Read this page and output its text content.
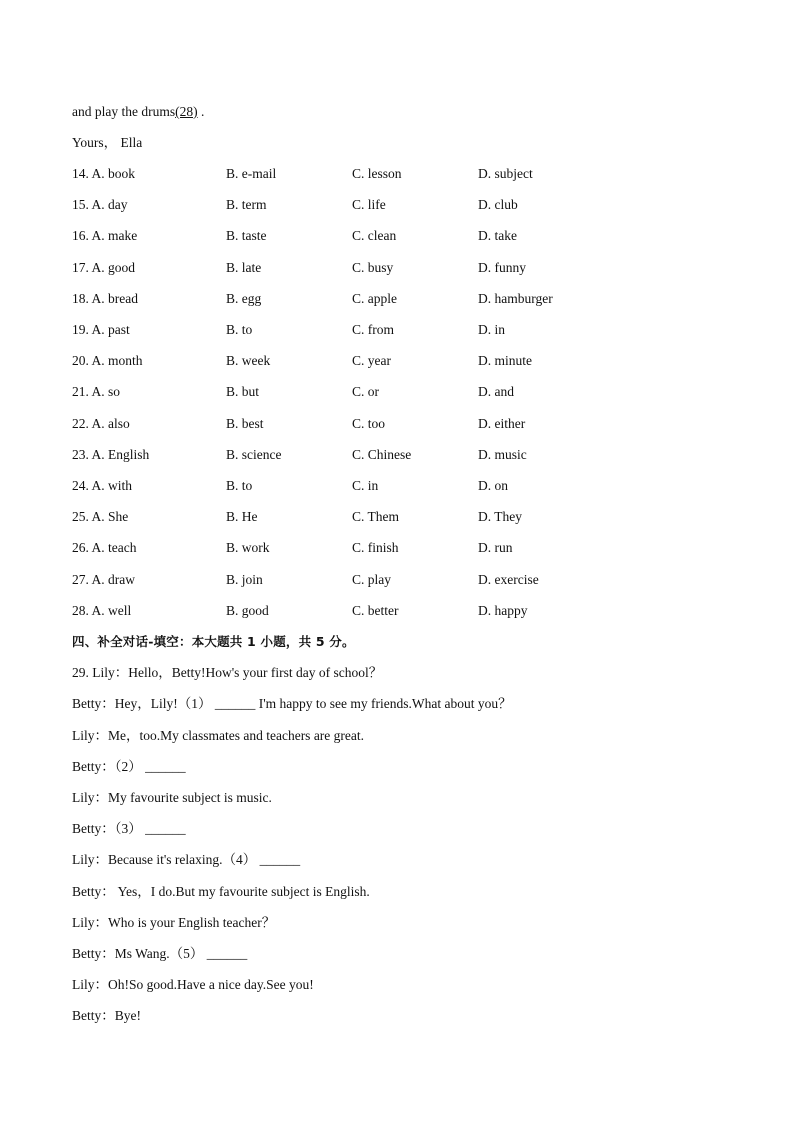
and play the drums(28) .
Yours， Ella
14. A. book	B. e-mail	C. lesson	D. subject
15. A. day	B. term	C. life	D. club
16. A. make	B. taste	C. clean	D. take
17. A. good	B. late	C. busy	D. funny
18. A. bread	B. egg	C. apple	D. hamburger
19. A. past	B. to	C. from	D. in
20. A. month	B. week	C. year	D. minute
21. A. so	B. but	C. or	D. and
22. A. also	B. best	C. too	D. either
23. A. English	B. science	C. Chinese	D. music
24. A. with	B. to	C. in	D. on
25. A. She	B. He	C. Them	D. They
26. A. teach	B. work	C. finish	D. run
27. A. draw	B. join	C. play	D. exercise
28. A. well	B. good	C. better	D. happy
四、补全对话-填空：本大题共 1 小题，共 5 分。
29. Lily：Hello，Betty!How's your first day of school？
Betty：Hey，Lily!（1） ______ I'm happy to see my friends.What about you？
Lily：Me，too.My classmates and teachers are great.
Betty：（2） ______
Lily：My favourite subject is music.
Betty：（3） ______
Lily：Because it's relaxing.（4） ______
Betty： Yes，I do.But my favourite subject is English.
Lily：Who is your English teacher？
Betty：Ms Wang.（5） ______
Lily：Oh!So good.Have a nice day.See you!
Betty：Bye!
